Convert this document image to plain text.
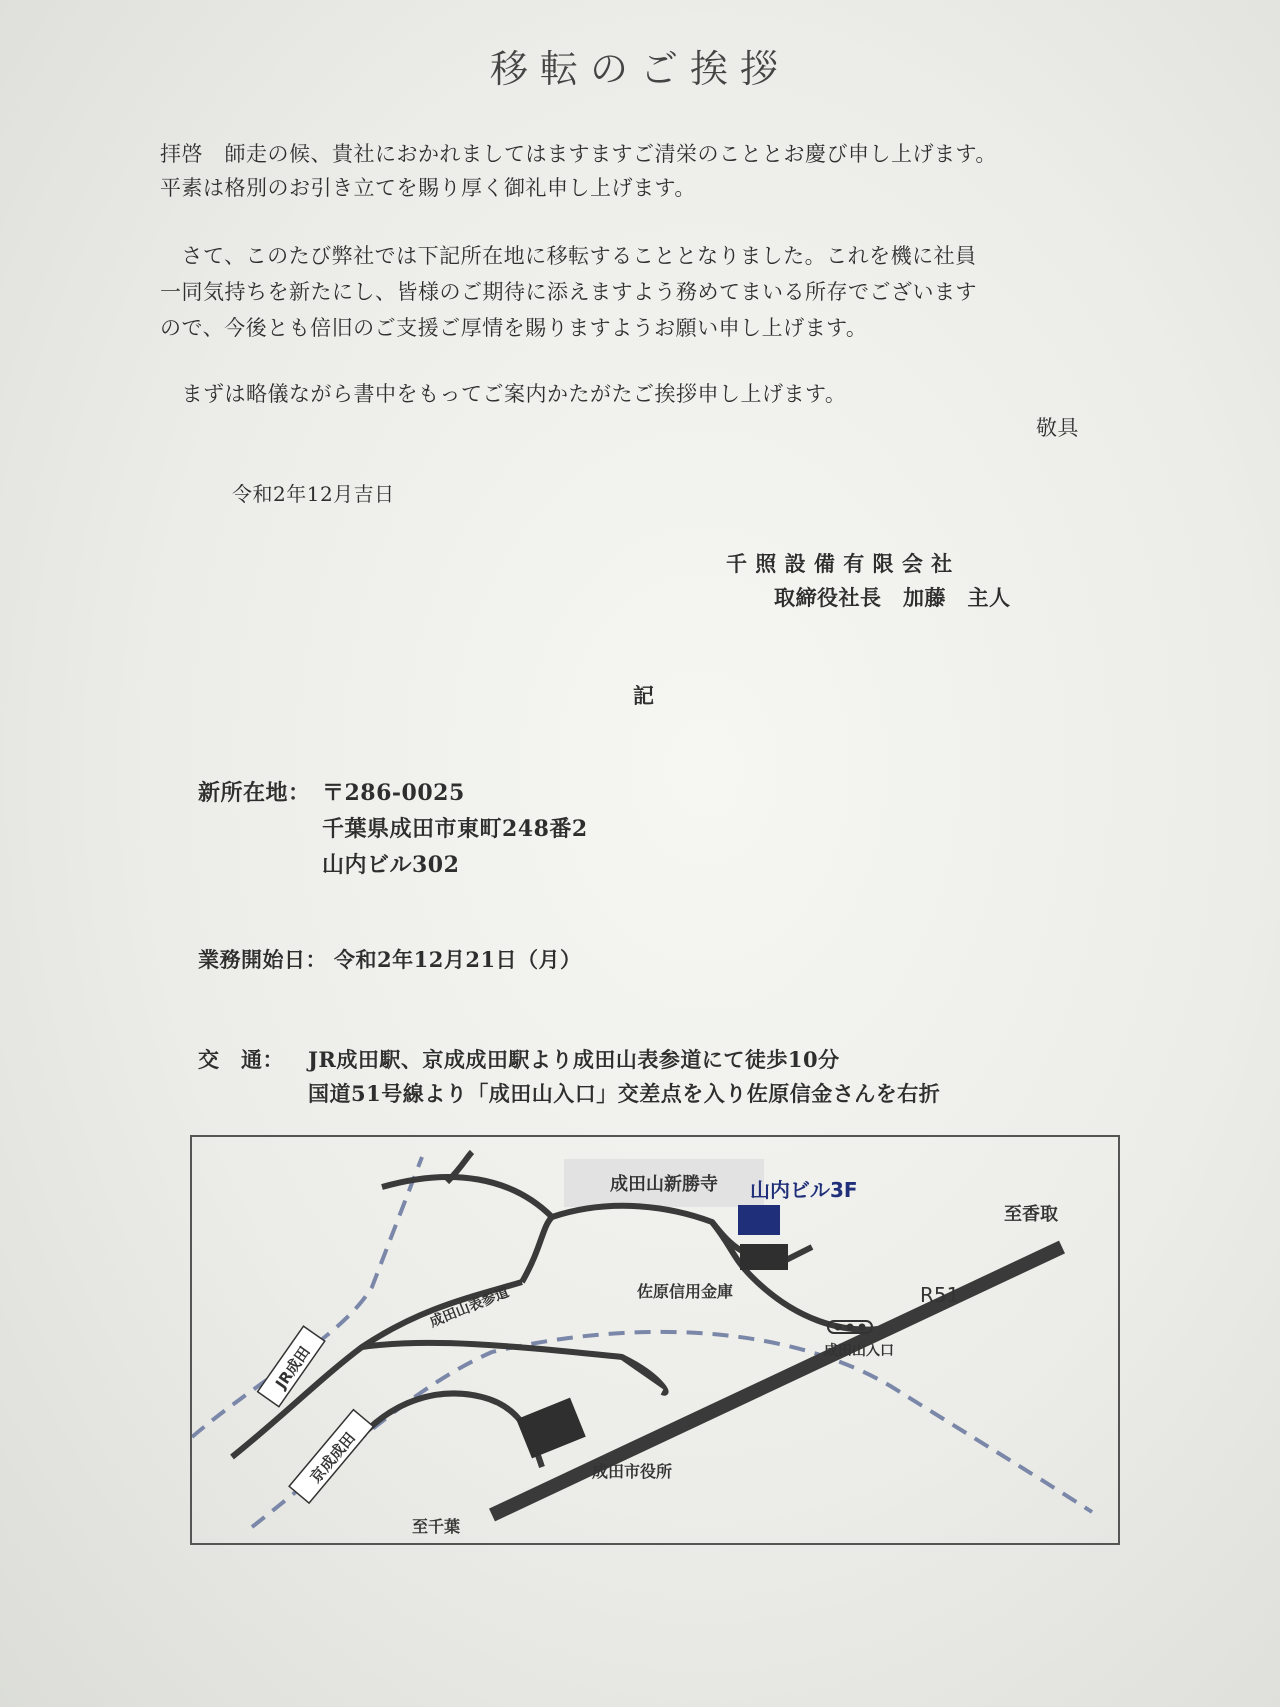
移転のご挨拶
拝啓　師走の候、貴社におかれましてはますますご清栄のこととお慶び申し上げます。
平素は格別のお引き立てを賜り厚く御礼申し上げます。
　さて、このたび弊社では下記所在地に移転することとなりました。これを機に社員
一同気持ちを新たにし、皆様のご期待に添えますよう務めてまいる所存でございます
ので、今後とも倍旧のご支援ご厚情を賜りますようお願い申し上げます。
　まずは略儀ながら書中をもってご案内かたがたご挨拶申し上げます。
敬具
令和2年12月吉日
千 照 設 備 有 限 会 社
取締役社長　加藤　主人
記
新所在地： 〒286-0025
千葉県成田市東町248番2
山内ビル302
業務開始日： 令和2年12月21日（月）
交　通： JR成田駅、京成成田駅より成田山表参道にて徒歩10分
国道51号線より「成田山入口」交差点を入り佐原信金さんを右折
成田山新勝寺 山内ビル3F
至香取
R51
佐原信用金庫
成田山表参道
成田山入口
JR成田
京成成田	成田市役所
至千葉
